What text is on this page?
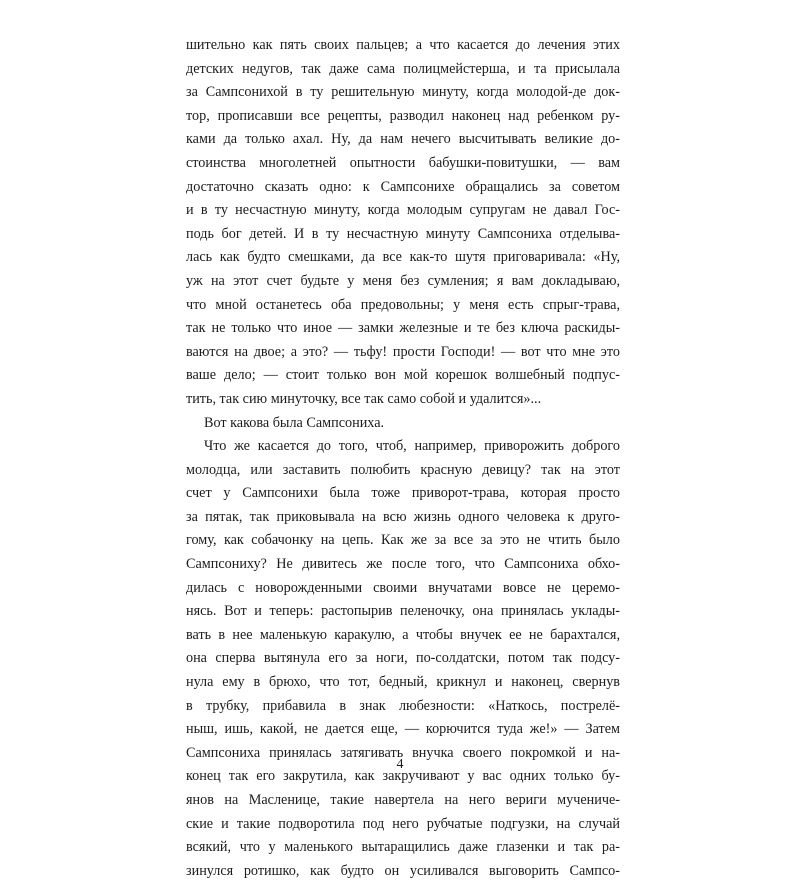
шительно как пять своих пальцев; а что касается до лечения этих
детских недугов, так даже сама полицмейстерша, и та присылала
за Сампсонихой в ту решительную минуту, когда молодой-де док-
тор, прописавши все рецепты, разводил наконец над ребенком ру-
ками да только ахал. Ну, да нам нечего высчитывать великие до-
стоинства многолетней опытности бабушки-повитушки, — вам
достаточно сказать одно: к Сампсонихе обращались за советом
и в ту несчастную минуту, когда молодым супругам не давал Гос-
подь бог детей. И в ту несчастную минуту Сампсониха отделыва-
лась как будто смешками, да все как-то шутя приговаривала: «Ну,
уж на этот счет будьте у меня без сумления; я вам докладываю,
что мной останетесь оба предовольны; у меня есть спрыг-трава,
так не только что иное — замки железные и те без ключа раскиды-
ваются на двое; а это? — тьфу! прости Господи! — вот что мне это
ваше дело; — стоит только вон мой корешок волшебный подпус-
тить, так сию минуточку, все так само собой и удалится»...
Вот какова была Сампсониха.
Что же касается до того, чтоб, например, приворожить доброго
молодца, или заставить полюбить красную девицу? так на этот
счет у Сампсонихи была тоже приворот-трава, которая просто
за пятак, так приковывала на всю жизнь одного человека к друго-
гому, как собачонку на цепь. Как же за все за это не чтить было
Сампсониху? Не дивитесь же после того, что Сампсониха обхо-
дилась с новорожденными своими внучатами вовсе не церемо-
нясь. Вот и теперь: растопырив пеленочку, она принялась уклады-
вать в нее маленькую каракулю, а чтобы внучек ее не барахтался,
она сперва вытянула его за ноги, по-солдатски, потом так подсу-
нула ему в брюхо, что тот, бедный, крикнул и наконец, свернув
в трубку, прибавила в знак любезности: «Наткось, пострелё-
ныш, ишь, какой, не дается еще, — корючится туда же!» — Затем
Сампсониха принялась затягивать внучка своего покромкой и на-
конец так его закрутила, как закручивают у вас одних только бу-
янов на Масленице, такие навертела на него вериги мучениче-
ские и такие подворотила под него рубчатые подгузки, на случай
всякий, что у маленького вытаращились даже глазенки и так ра-
зинулся ротишко, как будто он усиливался выговорить Сампсо-
4
